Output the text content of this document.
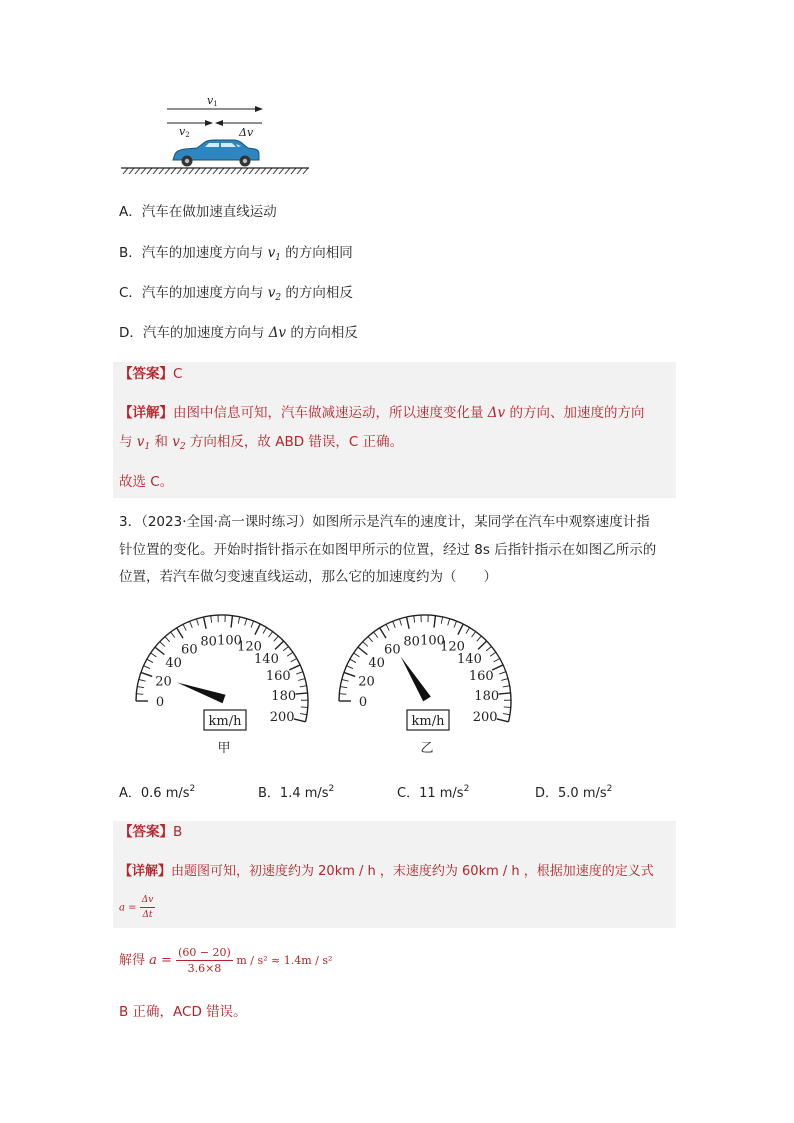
v1
v2	Δv
A．汽车在做加速直线运动
B．汽车的加速度方向与 $v_1$ 的方向相同
C．汽车的加速度方向与 $v_2$ 的方向相反
D．汽车的加速度方向与 Δv 的方向相反
【答案】C
【详解】由图中信息可知，汽车做减速运动，所以速度变化量 Δv 的方向、加速度的方向
与 $v_1$ 和 $v_2$ 方向相反，故 ABD 错误，C 正确。
故选 C。
3．（2023·全国·高一课时练习）如图所示是汽车的速度计，某同学在汽车中观察速度计指
针位置的变化。开始时指针指示在如图甲所示的位置，经过 8s 后指针指示在如图乙所示的
位置，若汽车做匀变速直线运动，那么它的加速度约为（　　）
0
20
40
60
80 100
120
140
160
180
200
km/h
甲
0
20
40
60
80 100
120
140
160
180
200
km/h
乙
A．0.6 $m/s^2$	B．1.4 $m/s^2$	C．11 $m/s^2$	D．5.0 $m/s^2$
【答案】B
【详解】由题图可知，初速度约为 20km / h ，末速度约为 60km / h ，根据加速度的定义式
$a = \frac{\Delta v}{\Delta t}$
解得 $a = \frac{(60 - 20)}{3.6\times 8}$ m / s² ≈ 1.4m / s²
B 正确，ACD 错误。
